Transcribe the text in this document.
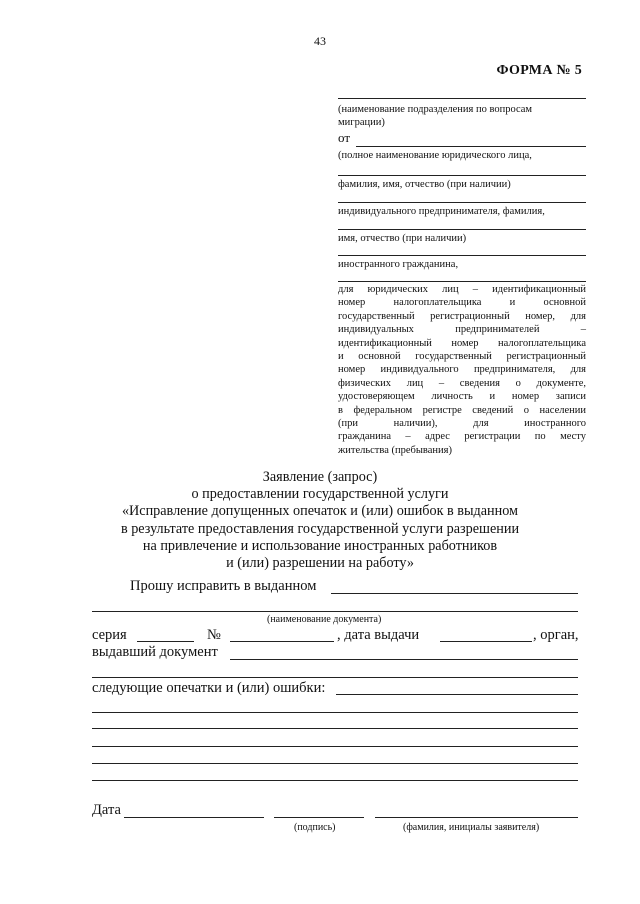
43
ФОРМА № 5
(наименование подразделения по вопросам
миграции)
от
(полное наименование юридического лица,
фамилия, имя, отчество (при наличии)
индивидуального предпринимателя, фамилия,
имя, отчество (при наличии)
иностранного гражданина,
для юридических лиц – идентификационный
номер налогоплательщика и основной
государственный регистрационный номер, для
индивидуальных предпринимателей –
идентификационный номер налогоплательщика
и основной государственный регистрационный
номер индивидуального предпринимателя, для
физических лиц – сведения о документе,
удостоверяющем личность и номер записи
в федеральном регистре сведений о населении
(при наличии), для иностранного
гражданина – адрес регистрации по месту
жительства (пребывания)
Заявление (запрос)
о предоставлении государственной услуги
«Исправление допущенных опечаток и (или) ошибок в выданном
в результате предоставления государственной услуги разрешении
на привлечение и использование иностранных работников
и (или) разрешении на работу»
Прошу исправить в выданном
(наименование документа)
серия	№	, дата выдачи	, орган,
выдавший документ
следующие опечатки и (или) ошибки:
Дата
(подпись)	(фамилия, инициалы заявителя)
